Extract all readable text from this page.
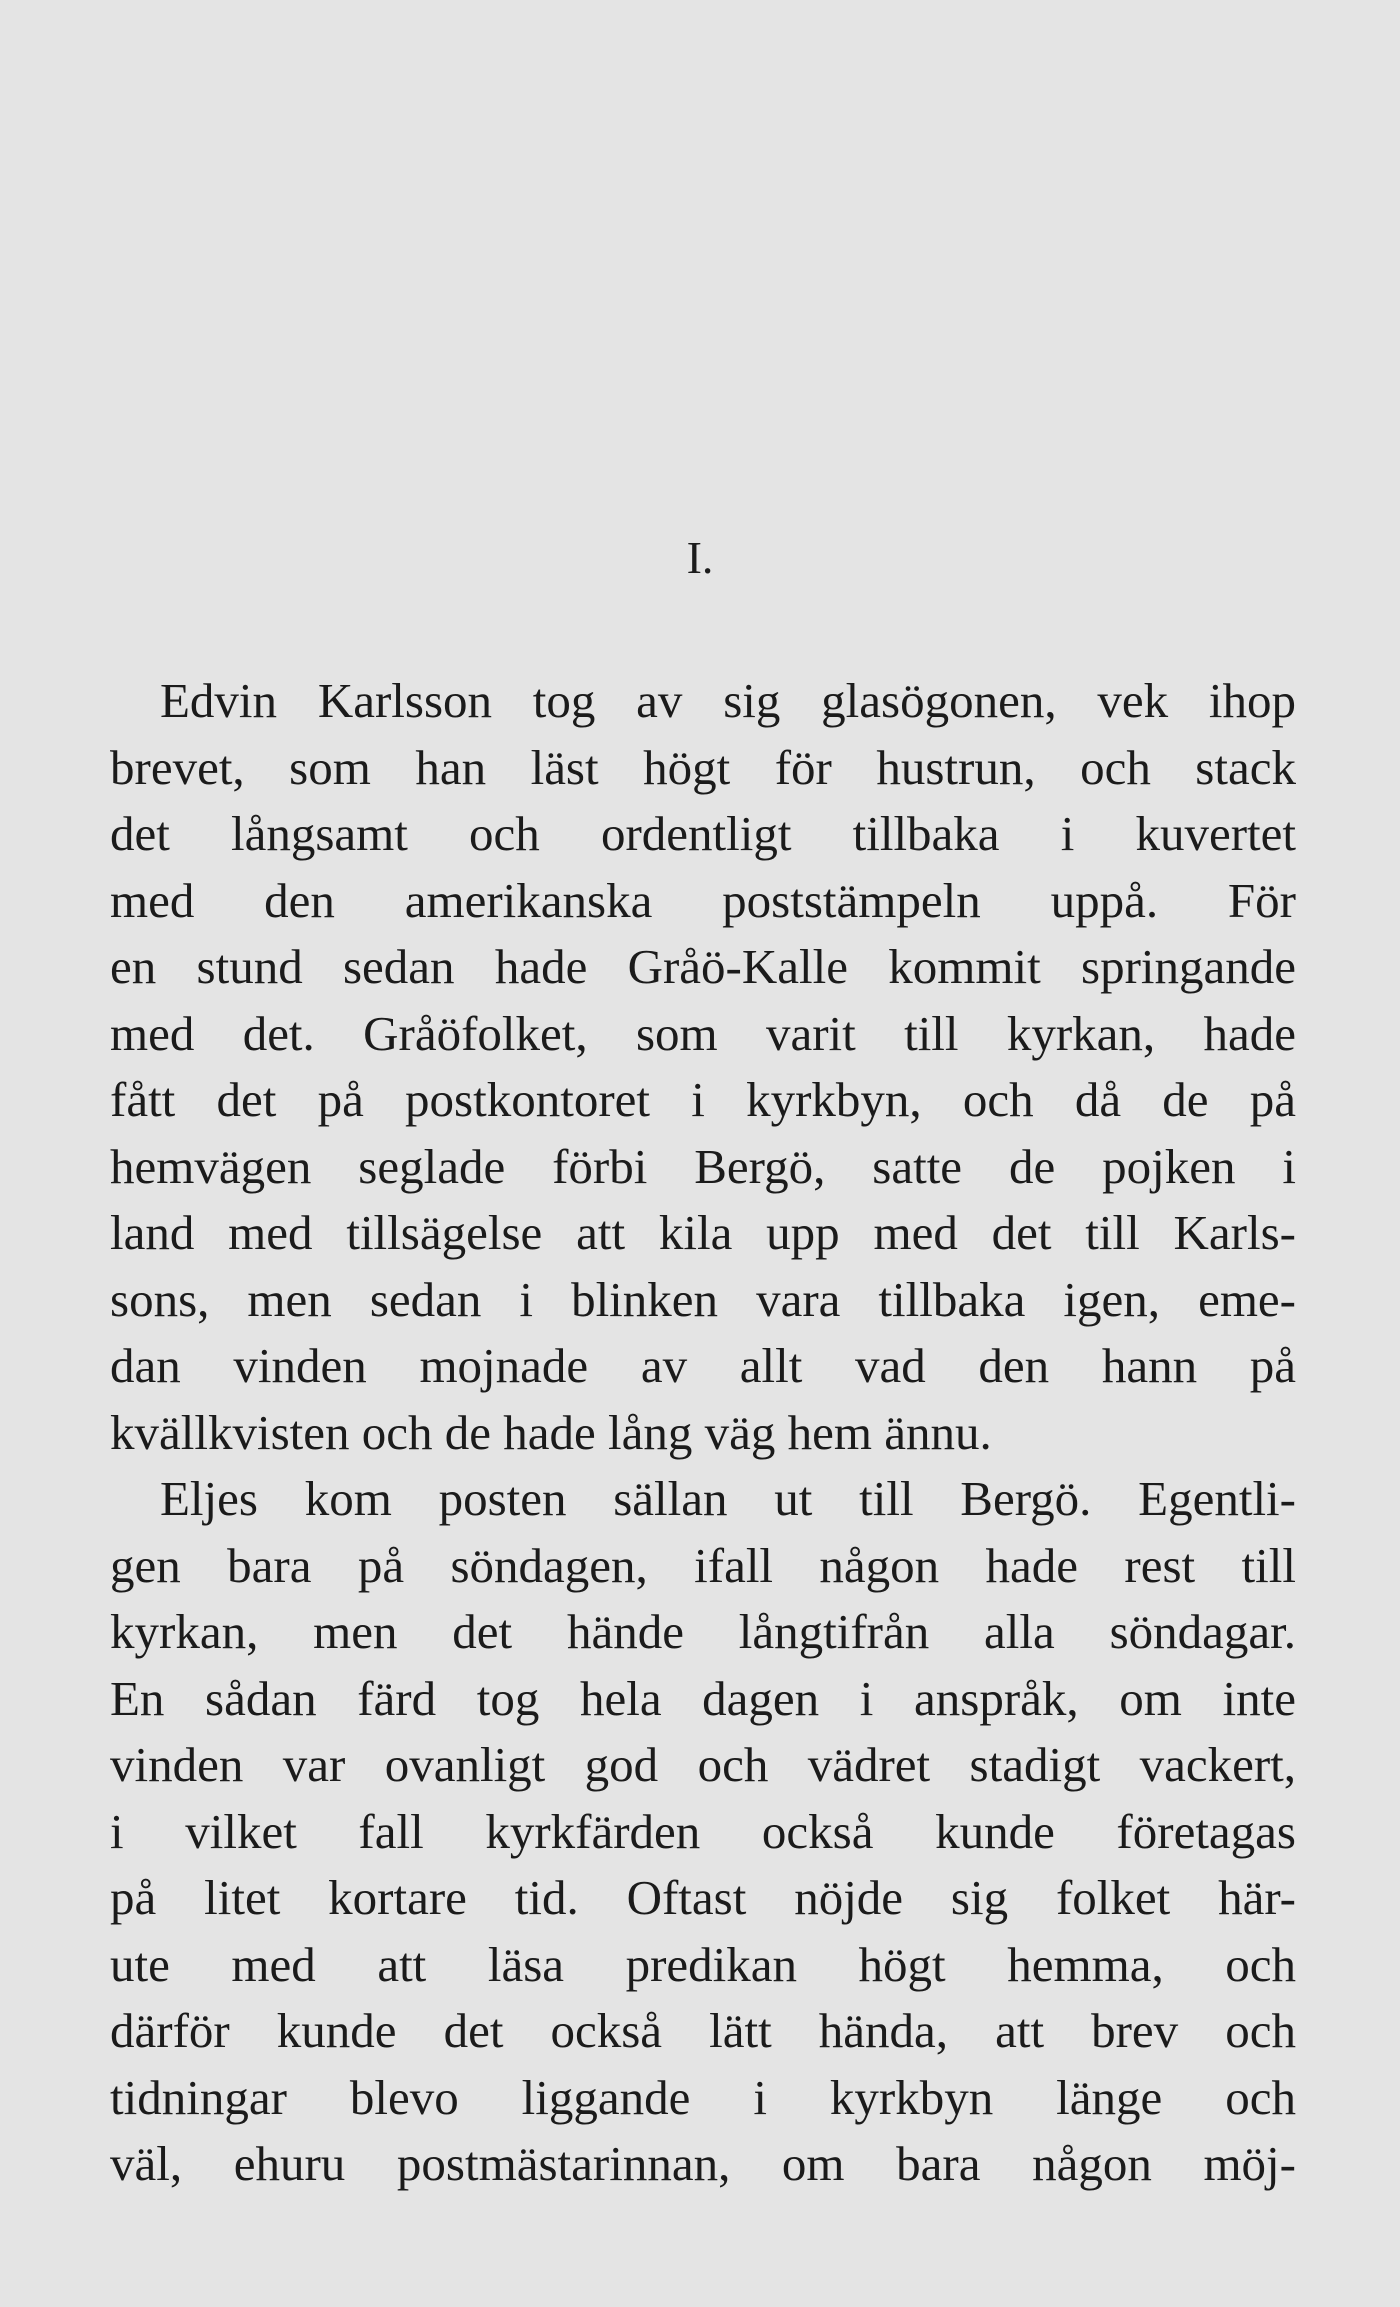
I.
Edvin Karlsson tog av sig glasögonen, vek ihop
brevet, som han läst högt för hustrun, och stack
det långsamt och ordentligt tillbaka i kuvertet
med den amerikanska poststämpeln uppå. För
en stund sedan hade Gråö-Kalle kommit springande
med det. Gråöfolket, som varit till kyrkan, hade
fått det på postkontoret i kyrkbyn, och då de på
hemvägen seglade förbi Bergö, satte de pojken i
land med tillsägelse att kila upp med det till Karls-
sons, men sedan i blinken vara tillbaka igen, eme-
dan vinden mojnade av allt vad den hann på
kvällkvisten och de hade lång väg hem ännu.
Eljes kom posten sällan ut till Bergö. Egentli-
gen bara på söndagen, ifall någon hade rest till
kyrkan, men det hände långtifrån alla söndagar.
En sådan färd tog hela dagen i anspråk, om inte
vinden var ovanligt god och vädret stadigt vackert,
i vilket fall kyrkfärden också kunde företagas
på litet kortare tid. Oftast nöjde sig folket här-
ute med att läsa predikan högt hemma, och
därför kunde det också lätt hända, att brev och
tidningar blevo liggande i kyrkbyn länge och
väl, ehuru postmästarinnan, om bara någon möj-
